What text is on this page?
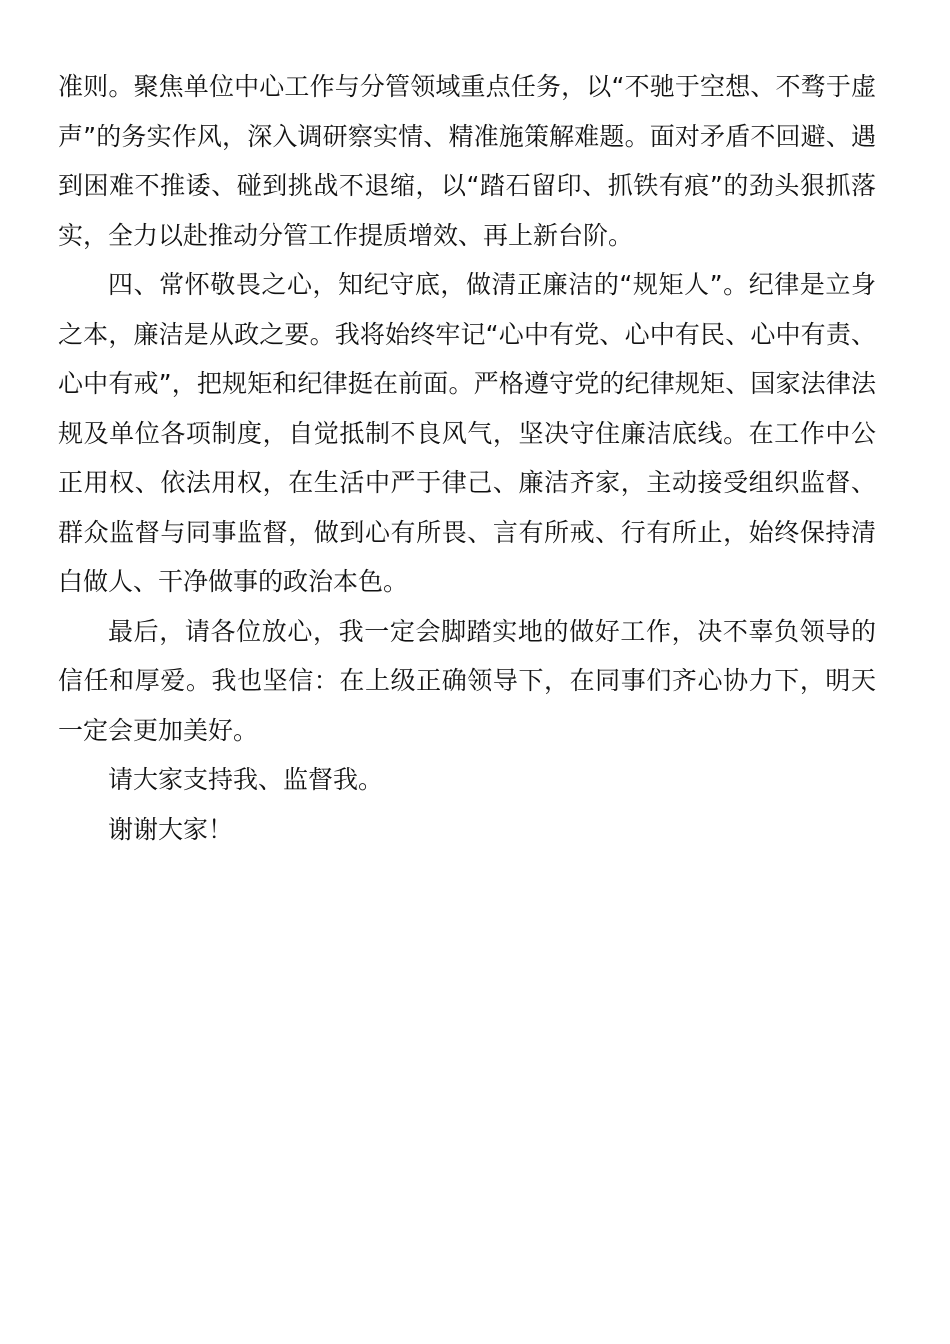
准则。聚焦单位中心工作与分管领域重点任务，以“不驰于空想、不骛于虚声”的务实作风，深入调研察实情、精准施策解难题。面对矛盾不回避、遇到困难不推诿、碰到挑战不退缩，以“踏石留印、抓铁有痕”的劲头狠抓落实，全力以赴推动分管工作提质增效、再上新台阶。

四、常怀敬畏之心，知纪守底，做清正廉洁的“规矩人”。纪律是立身之本，廉洁是从政之要。我将始终牢记“心中有党、心中有民、心中有责、心中有戒”，把规矩和纪律挺在前面。严格遵守党的纪律规矩、国家法律法规及单位各项制度，自觉抵制不良风气，坚决守住廉洁底线。在工作中公正用权、依法用权，在生活中严于律己、廉洁齐家，主动接受组织监督、群众监督与同事监督，做到心有所畏、言有所戒、行有所止，始终保持清白做人、干净做事的政治本色。

最后，请各位放心，我一定会脚踏实地的做好工作，决不辜负领导的信任和厚爱。我也坚信：在上级正确领导下，在同事们齐心协力下，明天一定会更加美好。

请大家支持我、监督我。

谢谢大家！
